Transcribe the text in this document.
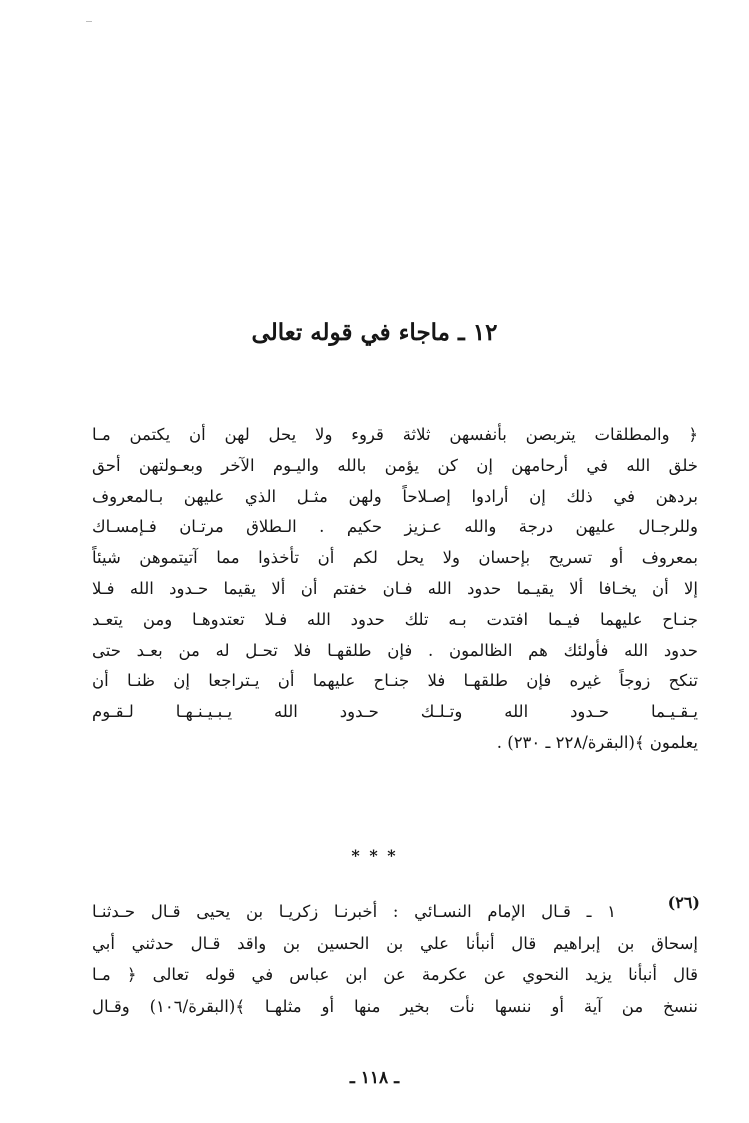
١٢ ـ ماجاء في قوله تعالى
﴿ والمطلقات يتربصن بأنفسهن ثلاثة قروء ولا يحل لهن أن يكتمن مـا
خلق الله في أرحامهن إن كن يؤمن بالله واليـوم الآخر وبعـولتهن أحق
بردهن في ذلك إن أرادوا إصـلاحاً ولهن مثـل الذي عليهن بـالمعروف
وللرجـال عليهن درجة والله عـزيز حكيم . الـطلاق مرتـان فـإمسـاك
بمعروف أو تسريح بإحسان ولا يحل لكم أن تأخذوا مما آتيتموهن شيئاً
إلا أن يخـافا ألا يقيـما حدود الله فـان خفتم أن ألا يقيما حـدود الله فـلا
جنـاح عليهما فيـما افتدت بـه تلك حدود الله فـلا تعتدوهـا ومن يتعـد
حدود الله فأولئك هم الظالمون . فإن طلقهـا فلا تحـل له من بعـد حتى
تنكح زوجاً غيره فإن طلقهـا فلا جنـاح عليهما أن يـتراجعا إن ظنـا أن
يـقـيـما حـدود الله وتـلـك حـدود الله يـبـيـنـهـا لـقـوم
يعلمون ﴾(البقرة/٢٢٨ ـ ٢٣٠) .
* * *
(٢٦)
١ ـ قـال الإمام النسـائي : أخبرنـا زكريـا بن يحيى قـال حـدثنـا
إسحاق بن إبراهيم قال أنبأنا علي بن الحسين بن واقد قـال حدثني أبي
قال أنبأنا يزيد النحوي عن عكرمة عن ابن عباس في قوله تعالى ﴿ مـا
ننسخ من آية أو ننسها نأت بخير منها أو مثلهـا ﴾(البقرة/١٠٦) وقـال
ـ ١١٨ ـ
